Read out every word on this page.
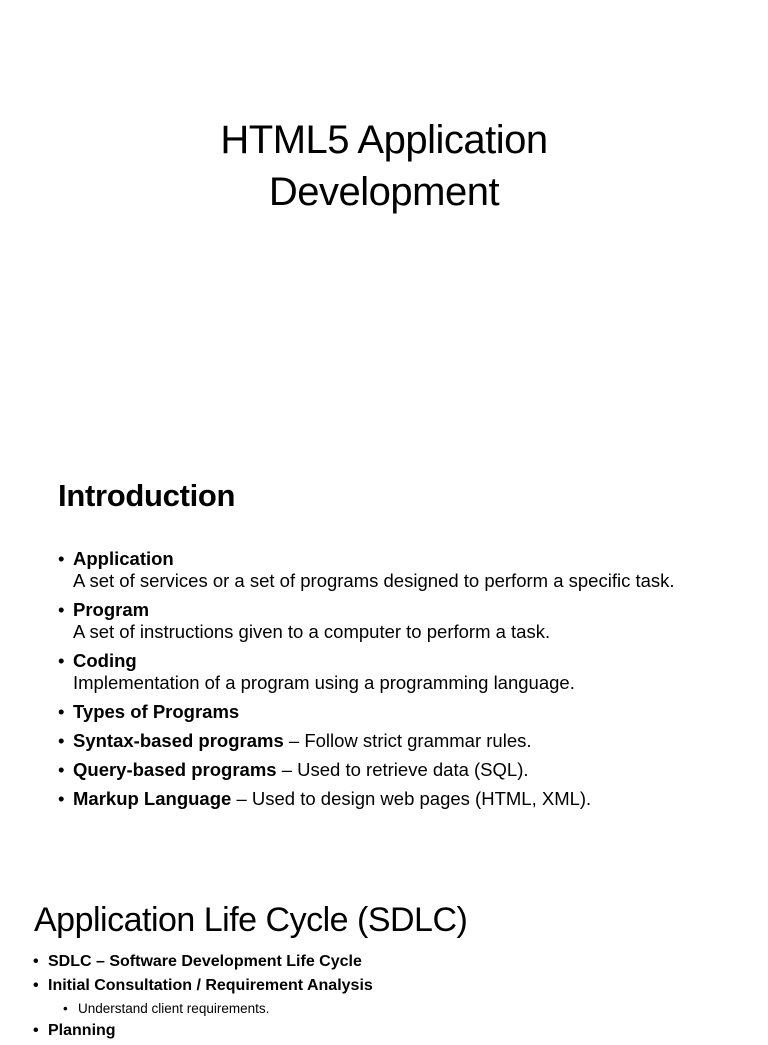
HTML5 Application
Development
Introduction
• Application
A set of services or a set of programs designed to perform a specific task.
• Program
A set of instructions given to a computer to perform a task.
• Coding
Implementation of a program using a programming language.
• Types of Programs
• Syntax-based programs – Follow strict grammar rules.
• Query-based programs – Used to retrieve data (SQL).
• Markup Language – Used to design web pages (HTML, XML).
Application Life Cycle (SDLC)
• SDLC – Software Development Life Cycle
• Initial Consultation / Requirement Analysis
• Understand client requirements.
• Planning
